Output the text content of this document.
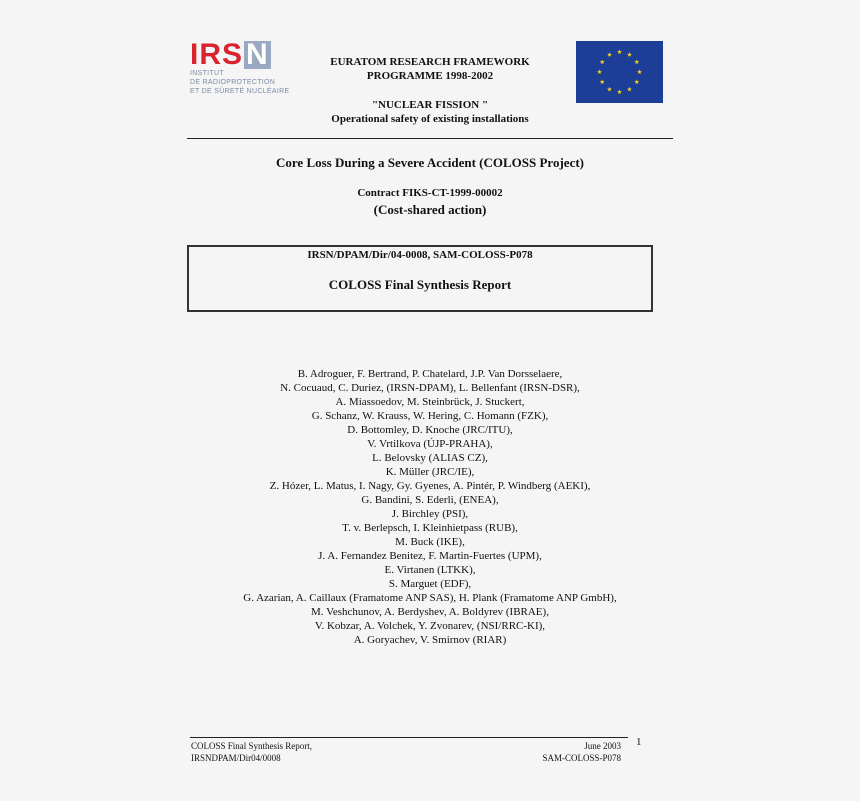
IRS N
INSTITUT
DE RADIOPROTECTION
ET DE SÛRETÉ NUCLÉAIRE
EURATOM RESEARCH FRAMEWORK
PROGRAMME 1998-2002
"NUCLEAR FISSION "
Operational safety of existing installations
Core Loss During a Severe Accident (COLOSS Project)
Contract FIKS-CT-1999-00002
(Cost-shared action)
IRSN/DPAM/Dir/04-0008, SAM-COLOSS-P078
COLOSS Final Synthesis Report
B. Adroguer, F. Bertrand, P. Chatelard, J.P. Van Dorsselaere,
N. Cocuaud, C. Duriez, (IRSN-DPAM), L. Bellenfant (IRSN-DSR),
A. Miassoedov, M. Steinbrück, J. Stuckert,
G. Schanz, W. Krauss, W. Hering, C. Homann (FZK),
D. Bottomley, D. Knoche (JRC/ITU),
V. Vrtilkova (ÚJP-PRAHA),
L. Belovsky (ALIAS CZ),
K. Müller (JRC/IE),
Z. Hózer, L. Matus, I. Nagy, Gy. Gyenes, A. Pintér, P. Windberg (AEKI),
G. Bandini, S. Ederli, (ENEA),
J. Birchley (PSI),
T. v. Berlepsch, I. Kleinhietpass (RUB),
M. Buck (IKE),
J. A. Fernandez Benitez, F. Martin-Fuertes (UPM),
E. Virtanen (LTKK),
S. Marguet (EDF),
G. Azarian, A. Caillaux (Framatome ANP SAS), H. Plank (Framatome ANP GmbH),
M. Veshchunov, A. Berdyshev, A. Boldyrev (IBRAE),
V. Kobzar, A. Volchek, Y. Zvonarev, (NSI/RRC-KI),
A. Goryachev, V. Smirnov (RIAR)
COLOSS Final Synthesis Report,
IRSNDPAM/Dir04/0008
June 2003
SAM-COLOSS-P078
1
